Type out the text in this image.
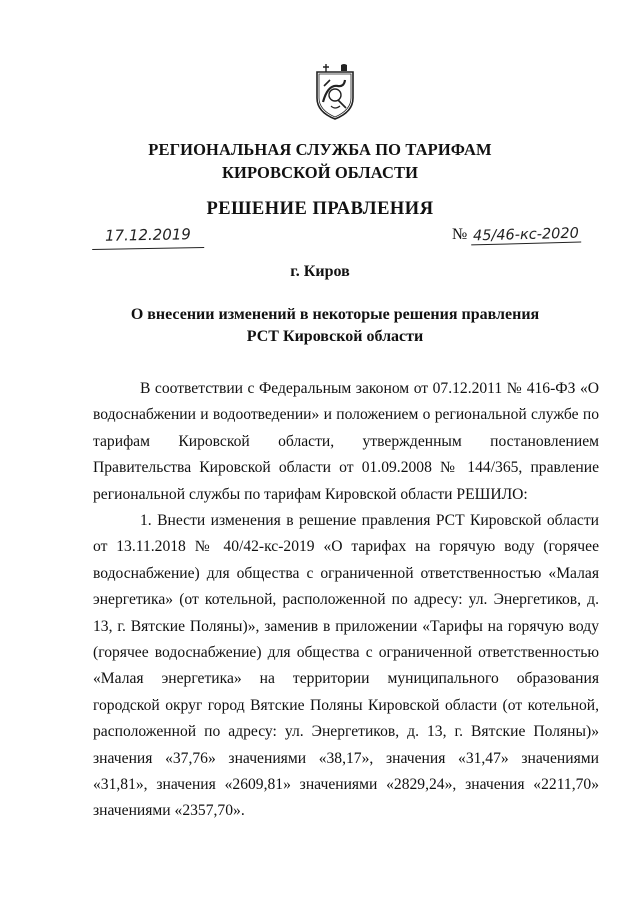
РЕГИОНАЛЬНАЯ СЛУЖБА ПО ТАРИФАМ
КИРОВСКОЙ ОБЛАСТИ
РЕШЕНИЕ ПРАВЛЕНИЯ
17.12.2019	№ 45/46-кс-2020
г. Киров
О внесении изменений в некоторые решения правления РСТ Кировской области

В соответствии с Федеральным законом от 07.12.2011 № 416-ФЗ «О водоснабжении и водоотведении» и положением о региональной службе по тарифам Кировской области, утвержденным постановлением Правительства Кировской области от 01.09.2008 № 144/365, правление региональной службы по тарифам Кировской области РЕШИЛО:

1. Внести изменения в решение правления РСТ Кировской области от 13.11.2018 № 40/42-кс-2019 «О тарифах на горячую воду (горячее водоснабжение) для общества с ограниченной ответственностью «Малая энергетика» (от котельной, расположенной по адресу: ул. Энергетиков, д. 13, г. Вятские Поляны)», заменив в приложении «Тарифы на горячую воду (горячее водоснабжение) для общества с ограниченной ответственностью «Малая энергетика» на территории муниципального образования городской округ город Вятские Поляны Кировской области (от котельной, расположенной по адресу: ул. Энергетиков, д. 13, г. Вятские Поляны)» значения «37,76» значениями «38,17», значения «31,47» значениями «31,81», значения «2609,81» значениями «2829,24», значения «2211,70» значениями «2357,70».
